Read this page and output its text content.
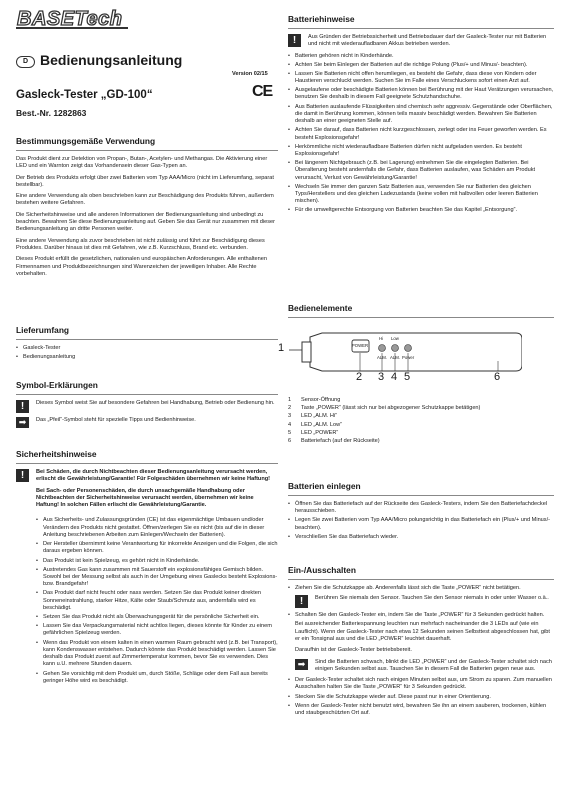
BASETech
D Bedienungsanleitung
Version 02/15
Gasleck-Tester „GD-100“
Best.-Nr. 1282863
CE
Bestimmungsgemäße Verwendung

Das Produkt dient zur Detektion von Propan-, Butan-, Acetylen- und Methangas. Die Aktivierung einer LED und ein Warnton zeigt das Vorhandensein dieser Gas-Typen an.

Der Betrieb des Produkts erfolgt über zwei Batterien vom Typ AAA/Micro (nicht im Lieferumfang, separat bestellbar).

Eine andere Verwendung als oben beschrieben kann zur Beschädigung des Produkts führen, außerdem bestehen weitere Gefahren.

Die Sicherheitshinweise und alle anderen Informationen der Bedienungsanleitung sind unbedingt zu beachten. Bewahren Sie diese Bedienungsanleitung auf. Geben Sie das Gerät nur zusammen mit dieser Bedienungsanleitung an dritte Personen weiter.

Eine andere Verwendung als zuvor beschrieben ist nicht zulässig und führt zur Beschädigung dieses Produktes. Darüber hinaus ist dies mit Gefahren, wie z.B. Kurzschluss, Brand etc. verbunden.

Dieses Produkt erfüllt die gesetzlichen, nationalen und europäischen Anforderungen. Alle enthaltenen Firmennamen und Produktbezeichnungen sind Warenzeichen der jeweiligen Inhaber. Alle Rechte vorbehalten.

Lieferumfang
• Gasleck-Tester
• Bedienungsanleitung
Symbol-Erklärungen
!	Dieses Symbol weist Sie auf besondere Gefahren bei Handhabung, Betrieb oder Bedienung hin.
➡	Das „Pfeil“-Symbol steht für spezielle Tipps und Bedienhinweise.
Sicherheitshinweise
!	Bei Schäden, die durch Nichtbeachten dieser Bedienungsanleitung verursacht werden, erlischt die Gewährleistung/Garantie! Für Folgeschäden übernehmen wir keine Haftung!

Bei Sach- oder Personenschäden, die durch unsachgemäße Handhabung oder Nichtbeachten der Sicherheitshinweise verursacht werden, übernehmen wir keine Haftung! In solchen Fällen erlischt die Gewährleistung/Garantie.

• Aus Sicherheits- und Zulassungsgründen (CE) ist das eigenmächtige Umbauen und/oder Verändern des Produkts nicht gestattet. Öffnen/zerlegen Sie es nicht (bis auf die in dieser Anleitung beschriebenen Arbeiten zum Einlegen/Wechseln der Batterien).
• Der Hersteller übernimmt keine Verantwortung für inkorrekte Anzeigen und die Folgen, die sich daraus ergeben können.
• Das Produkt ist kein Spielzeug, es gehört nicht in Kinderhände.
• Austretendes Gas kann zusammen mit Sauerstoff ein explosionsfähiges Gemisch bilden. Sowohl bei der Messung selbst als auch in der Umgebung eines Gaslecks besteht Explosions- bzw. Brandgefahr!
• Das Produkt darf nicht feucht oder nass werden. Setzen Sie das Produkt keiner direkten Sonneneinstrahlung, starker Hitze, Kälte oder Staub/Schmutz aus, andernfalls wird es beschädigt.
• Setzen Sie das Produkt nicht als Überwachungsgerät für die persönliche Sicherheit ein.
• Lassen Sie das Verpackungsmaterial nicht achtlos liegen, dieses könnte für Kinder zu einem gefährlichen Spielzeug werden.
• Wenn das Produkt von einem kalten in einen warmen Raum gebracht wird (z.B. bei Transport), kann Kondenswasser entstehen. Dadurch könnte das Produkt beschädigt werden. Lassen Sie deshalb das Produkt zuerst auf Zimmertemperatur kommen, bevor Sie es verwenden. Dies kann u.U. mehrere Stunden dauern.
• Gehen Sie vorsichtig mit dem Produkt um, durch Stöße, Schläge oder dem Fall aus bereits geringer Höhe wird es beschädigt.
Batteriehinweise
!	Aus Gründen der Betriebssicherheit und Betriebsdauer darf der Gasleck-Tester nur mit Batterien und nicht mit wiederaufladbaren Akkus betrieben werden.
• Batterien gehören nicht in Kinderhände.
• Achten Sie beim Einlegen der Batterien auf die richtige Polung (Plus/+ und Minus/- beachten).
• Lassen Sie Batterien nicht offen herumliegen, es besteht die Gefahr, dass diese von Kindern oder Haustieren verschluckt werden. Suchen Sie im Falle eines Verschluckens sofort einen Arzt auf.
• Ausgelaufene oder beschädigte Batterien können bei Berührung mit der Haut Verätzungen verursachen, benutzen Sie deshalb in diesem Fall geeignete Schutzhandschuhe.
• Aus Batterien auslaufende Flüssigkeiten sind chemisch sehr aggressiv. Gegenstände oder Oberflächen, die damit in Berührung kommen, können teils massiv beschädigt werden. Bewahren Sie Batterien deshalb an einer geeigneten Stelle auf.
• Achten Sie darauf, dass Batterien nicht kurzgeschlossen, zerlegt oder ins Feuer geworfen werden. Es besteht Explosionsgefahr!
• Herkömmliche nicht wiederaufladbare Batterien dürfen nicht aufgeladen werden. Es besteht Explosionsgefahr!
• Bei längerem Nichtgebrauch (z.B. bei Lagerung) entnehmen Sie die eingelegten Batterien. Bei Überalterung besteht andernfalls die Gefahr, dass Batterien auslaufen, was Schäden am Produkt verursacht, Verlust von Gewährleistung/Garantie!
• Wechseln Sie immer den ganzen Satz Batterien aus, verwenden Sie nur Batterien des gleichen Typs/Herstellers und des gleichen Ladezustands (keine vollen mit halbvollen oder leeren Batterien mischen).
• Für die umweltgerechte Entsorgung von Batterien beachten Sie das Kapitel „Entsorgung“.
Bedienelemente
POWER
Hi Low
ALM. ALM. Power
1
2 3 4 5	6
1	Sensor-Öffnung
2	Taste „POWER“ (lässt sich nur bei abgezogener Schutzkappe betätigen)
3	LED „ALM. Hi“
4	LED „ALM. Low“
5	LED „POWER“
6	Batteriefach (auf der Rückseite)
Batterien einlegen
• Öffnen Sie das Batteriefach auf der Rückseite des Gasleck-Testers, indem Sie den Batteriefachdeckel herausschieben.
• Legen Sie zwei Batterien vom Typ AAA/Micro polungsrichtig in das Batteriefach ein (Plus/+ und Minus/- beachten).
• Verschließen Sie das Batteriefach wieder.
Ein-/Ausschalten
• Ziehen Sie die Schutzkappe ab. Anderenfalls lässt sich die Taste „POWER“ nicht betätigen.
!	Berühren Sie niemals den Sensor. Tauchen Sie den Sensor niemals in oder unter Wasser o.ä..
• Schalten Sie den Gasleck-Tester ein, indem Sie die Taste „POWER“ für 3 Sekunden gedrückt halten.

Bei ausreichender Batteriespannung leuchten nun mehrfach nacheinander die 3 LEDs auf (wie ein Lauflicht). Wenn der Gasleck-Tester nach etwa 12 Sekunden seinen Selbsttest abgeschlossen hat, gibt er ein Tonsignal aus und die LED „POWER“ leuchtet dauerhaft.

Daraufhin ist der Gasleck-Tester betriebsbereit.

➡	Sind die Batterien schwach, blinkt die LED „POWER“ und der Gasleck-Tester schaltet sich nach einigen Sekunden selbst aus. Tauschen Sie in diesem Fall die Batterien gegen neue aus.
• Der Gasleck-Tester schaltet sich nach einigen Minuten selbst aus, um Strom zu sparen. Zum manuellen Ausschalten halten Sie die Taste „POWER“ für 3 Sekunden gedrückt.
• Stecken Sie die Schutzkappe wieder auf. Diese passt nur in einer Orientierung.
• Wenn der Gasleck-Tester nicht benutzt wird, bewahren Sie ihn an einem sauberen, trockenen, kühlen und staubgeschützten Ort auf.
